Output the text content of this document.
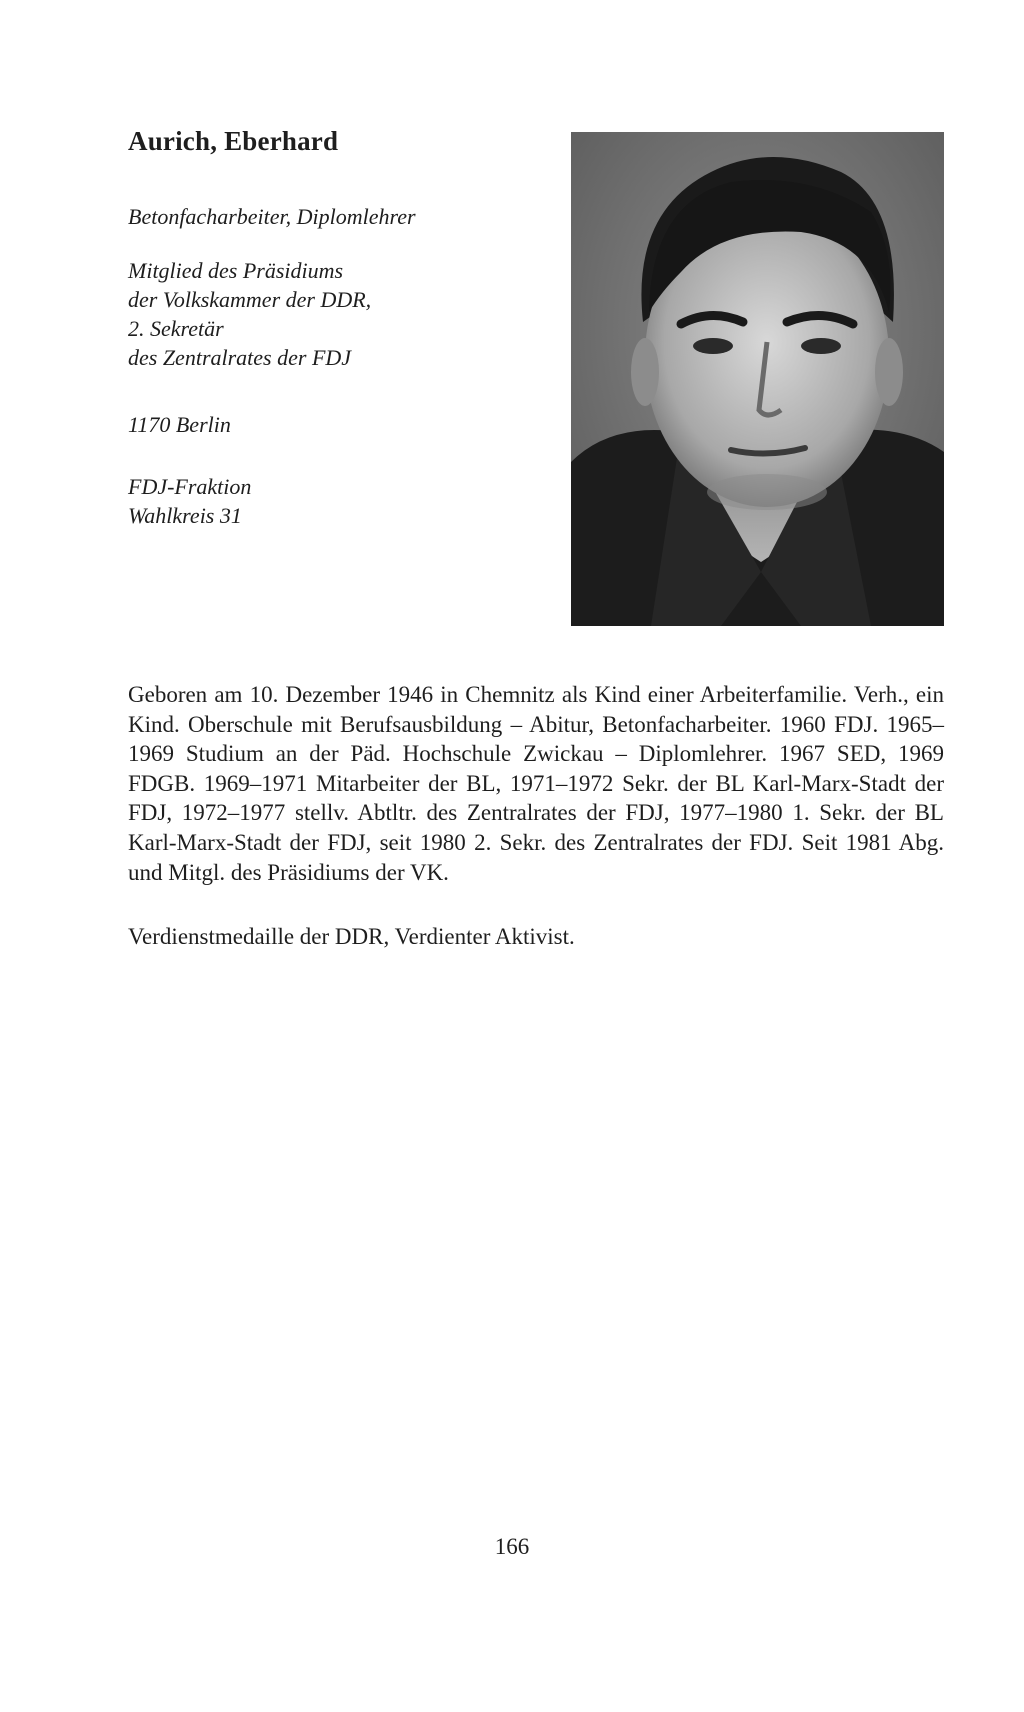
Aurich, Eberhard
Betonfacharbeiter, Diplomlehrer
Mitglied des Präsidiums
der Volkskammer der DDR,
2. Sekretär
des Zentralrates der FDJ
1170 Berlin
FDJ-Fraktion
Wahlkreis 31

Geboren am 10. Dezember 1946 in Chemnitz als Kind einer Arbeiterfamilie. Verh., ein Kind. Oberschule mit Berufsausbildung – Abitur, Betonfacharbeiter. 1960 FDJ. 1965–1969 Studium an der Päd. Hochschule Zwickau – Diplomlehrer. 1967 SED, 1969 FDGB. 1969–1971 Mitarbeiter der BL, 1971–1972 Sekr. der BL Karl-Marx-Stadt der FDJ, 1972–1977 stellv. Abtltr. des Zentralrates der FDJ, 1977–1980 1. Sekr. der BL Karl-Marx-Stadt der FDJ, seit 1980 2. Sekr. des Zentralrates der FDJ. Seit 1981 Abg. und Mitgl. des Präsidiums der VK.

Verdienstmedaille der DDR, Verdienter Aktivist.
166
